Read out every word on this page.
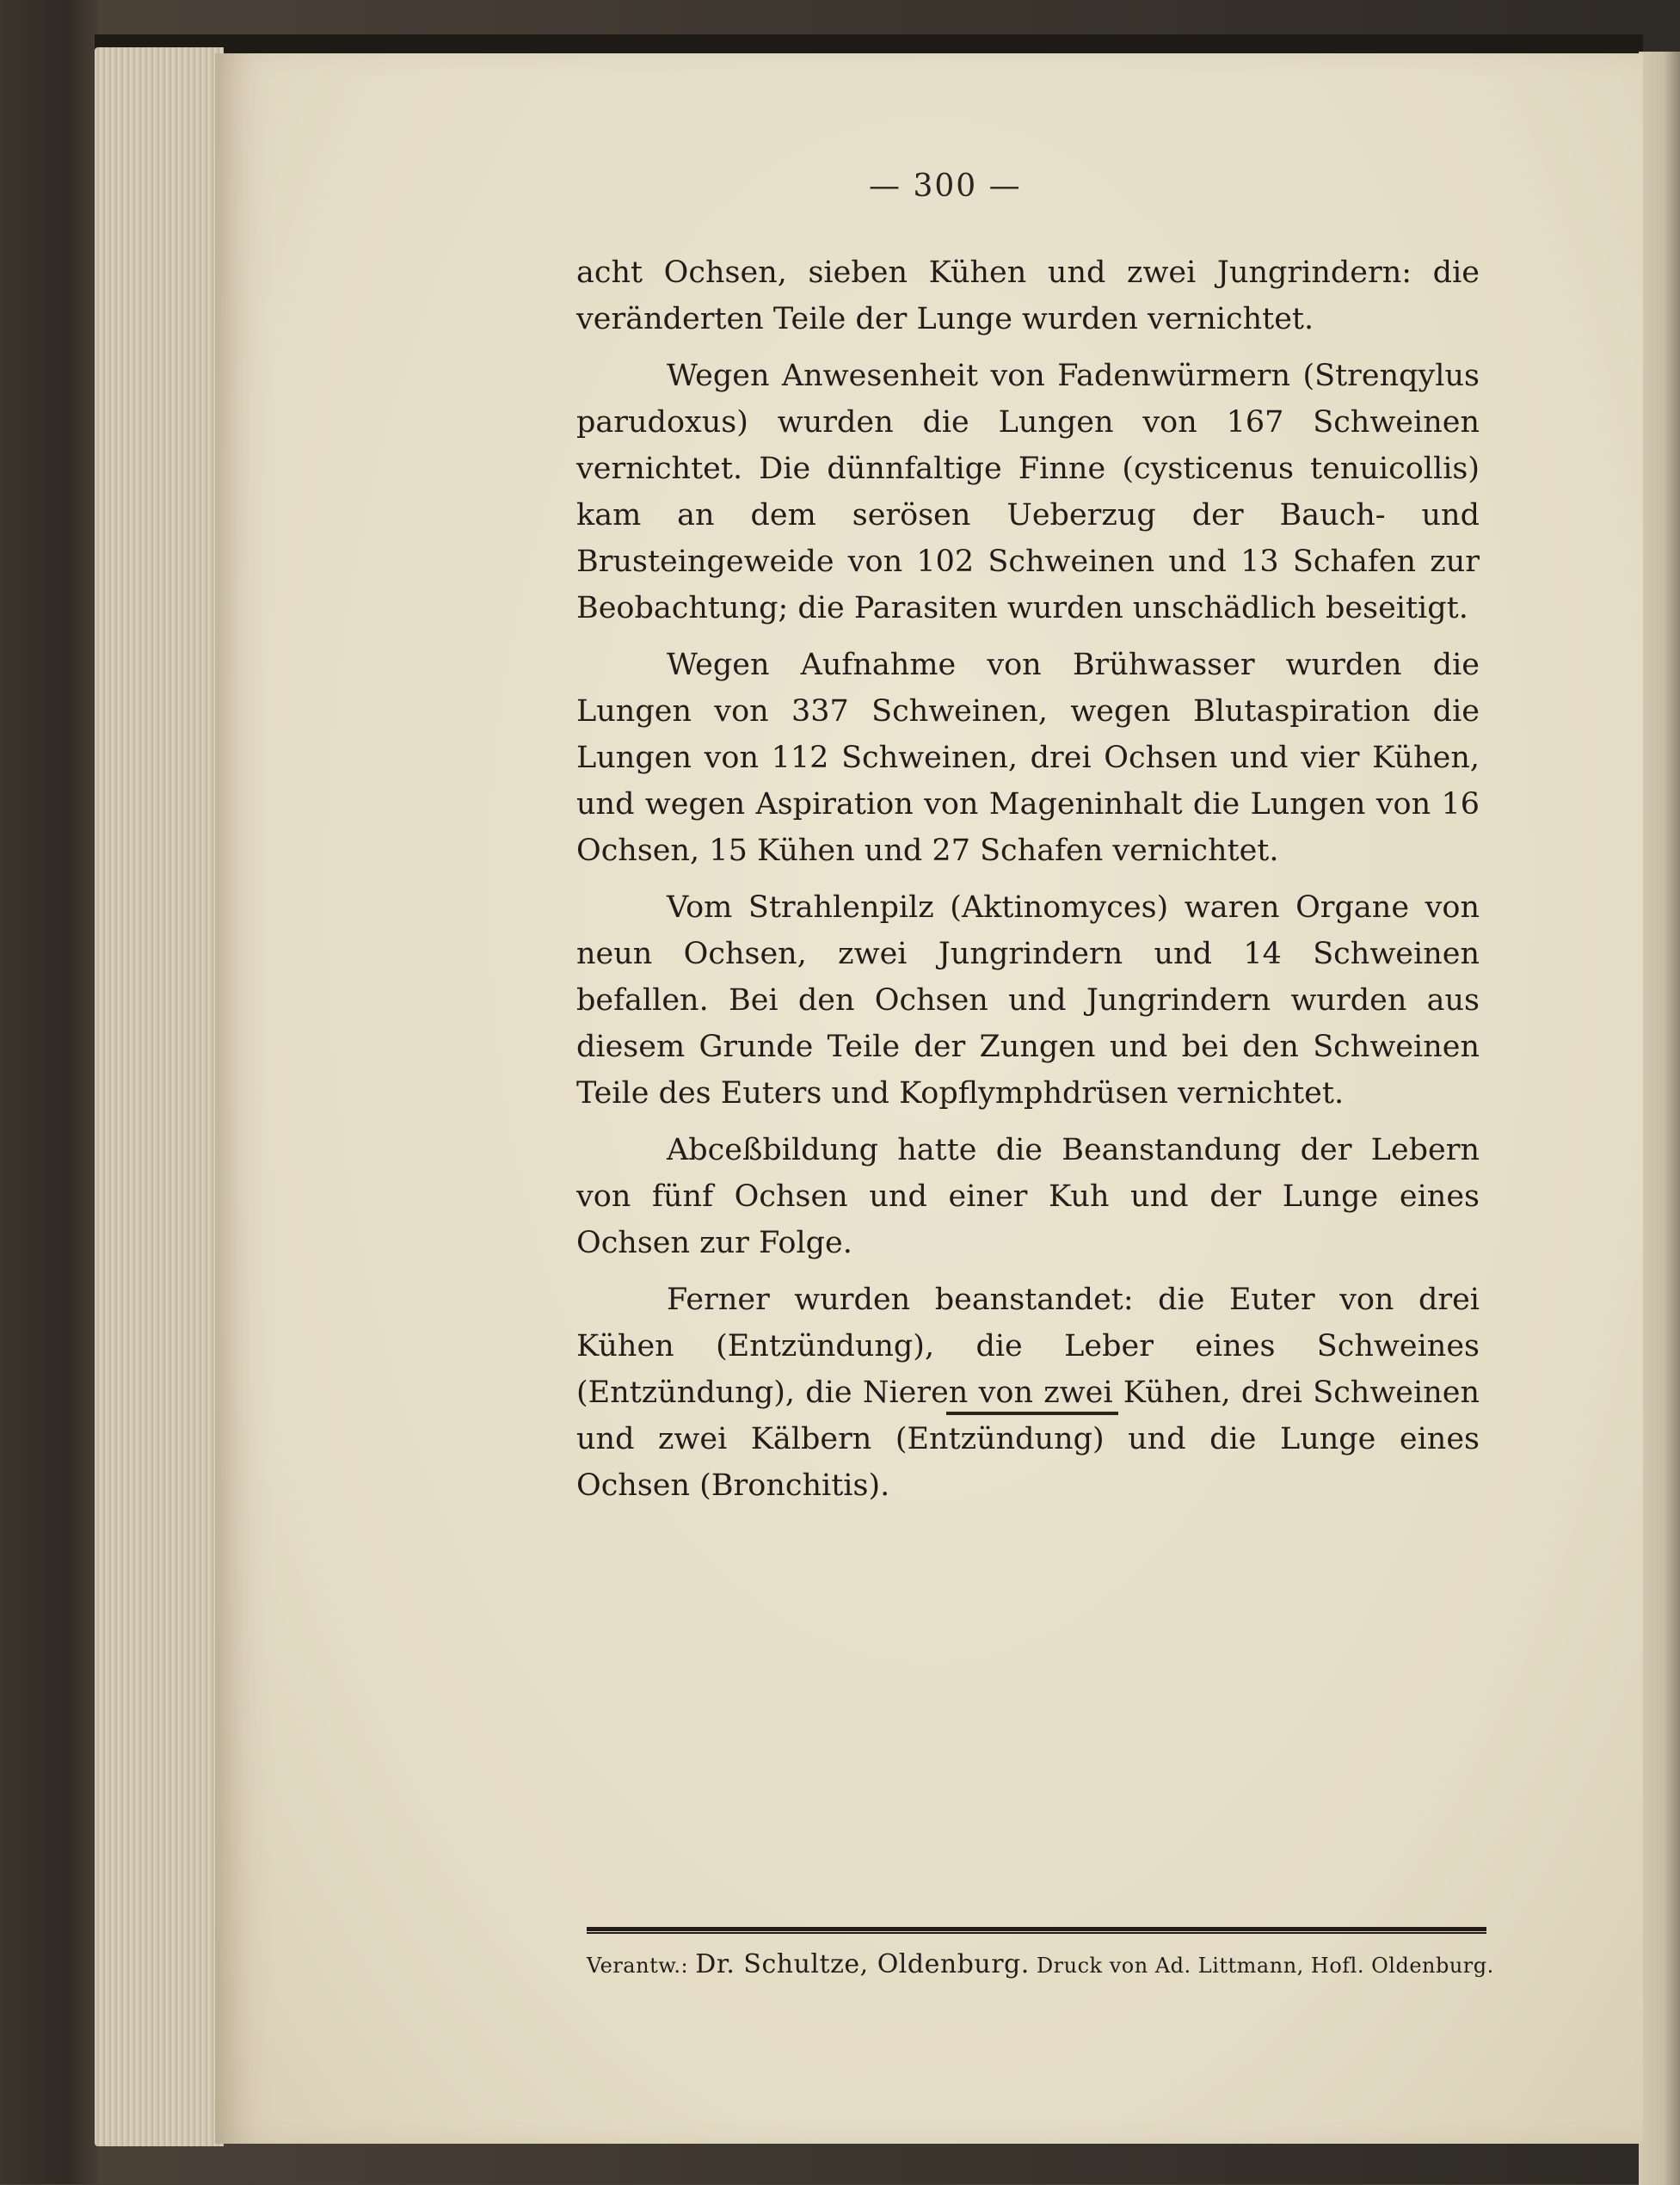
— 300 —

acht Ochsen, sieben Kühen und zwei Jungrindern: die veränderten Teile der Lunge wurden vernichtet.

Wegen Anwesenheit von Fadenwürmern (Strenqylus parudoxus) wurden die Lungen von 167 Schweinen vernichtet. Die dünnfaltige Finne (cysticenus tenuicollis) kam an dem serösen Ueberzug der Bauch- und Brusteingeweide von 102 Schweinen und 13 Schafen zur Beobachtung; die Parasiten wurden unschädlich beseitigt.

Wegen Aufnahme von Brühwasser wurden die Lungen von 337 Schweinen, wegen Blutaspiration die Lungen von 112 Schweinen, drei Ochsen und vier Kühen, und wegen Aspiration von Mageninhalt die Lungen von 16 Ochsen, 15 Kühen und 27 Schafen vernichtet.

Vom Strahlenpilz (Aktinomyces) waren Organe von neun Ochsen, zwei Jungrindern und 14 Schweinen befallen. Bei den Ochsen und Jungrindern wurden aus diesem Grunde Teile der Zungen und bei den Schweinen Teile des Euters und Kopflymphdrüsen vernichtet.

Abceßbildung hatte die Beanstandung der Lebern von fünf Ochsen und einer Kuh und der Lunge eines Ochsen zur Folge.

Ferner wurden beanstandet: die Euter von drei Kühen (Entzündung), die Leber eines Schweines (Entzündung), die Nieren von zwei Kühen, drei Schweinen und zwei Kälbern (Entzündung) und die Lunge eines Ochsen (Bronchitis).

Verantw.: Dr. Schultze, Oldenburg. Druck von Ad. Littmann, Hofl. Oldenburg.
